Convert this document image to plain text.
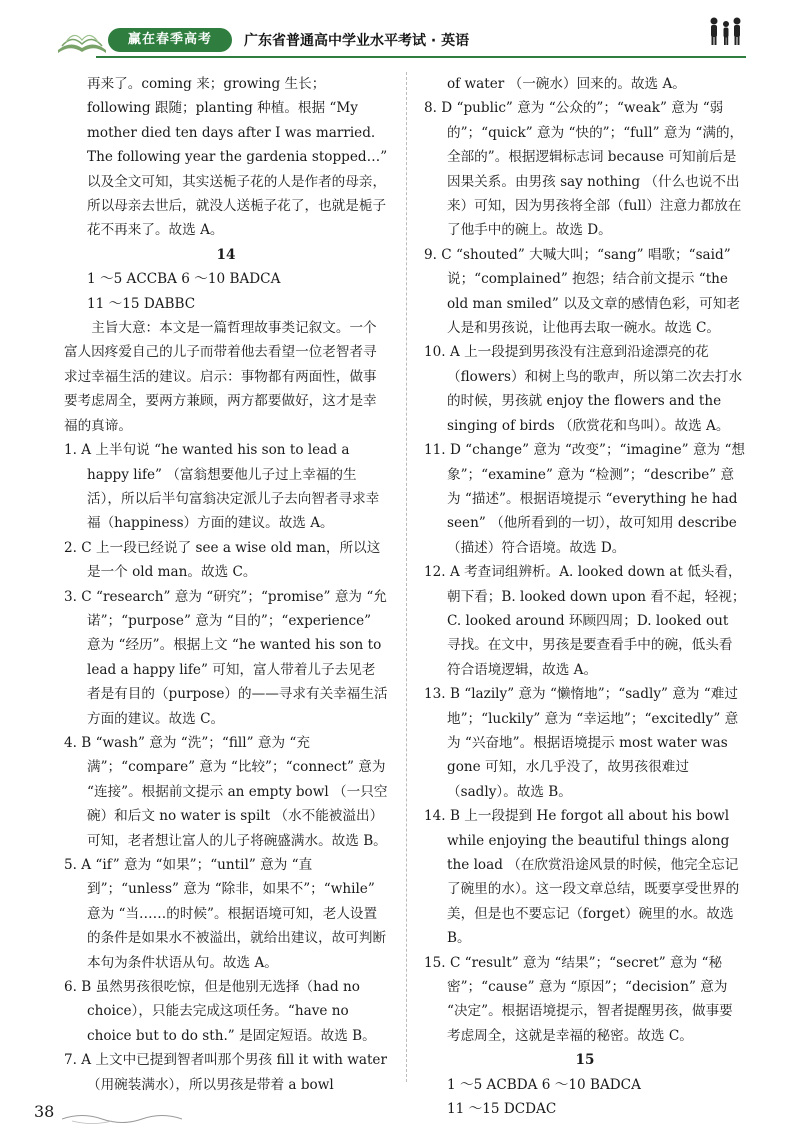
赢在春季高考	广东省普通高中学业水平考试 · 英语

再来了。coming 来；growing 生长；following 跟随；planting 种植。根据 “My mother died ten days after I was married. The following year the gardenia stopped…” 以及全文可知，其实送栀子花的人是作者的母亲，所以母亲去世后，就没人送栀子花了，也就是栀子花不再来了。故选 A。

14

1 ～5 ACCBA 6 ～10 BADCA

11 ～15 DABBC

主旨大意：本文是一篇哲理故事类记叙文。一个富人因疼爱自己的儿子而带着他去看望一位老智者寻求过幸福生活的建议。启示：事物都有两面性，做事要考虑周全，要两方兼顾，两方都要做好，这才是幸福的真谛。

1. A 上半句说 “he wanted his son to lead a happy life” （富翁想要他儿子过上幸福的生活），所以后半句富翁决定派儿子去向智者寻求幸福（happiness）方面的建议。故选 A。

2. C 上一段已经说了 see a wise old man，所以这是一个 old man。故选 C。

3. C “research” 意为 “研究”；“promise” 意为 “允诺”；“purpose” 意为 “目的”；“experience” 意为 “经历”。根据上文 “he wanted his son to lead a happy life” 可知，富人带着儿子去见老者是有目的（purpose）的——寻求有关幸福生活方面的建议。故选 C。

4. B “wash” 意为 “洗”；“fill” 意为 “充满”；“compare” 意为 “比较”；“connect” 意为 “连接”。根据前文提示 an empty bowl （一只空碗）和后文 no water is spilt （水不能被溢出）可知，老者想让富人的儿子将碗盛满水。故选 B。

5. A “if” 意为 “如果”；“until” 意为 “直到”；“unless” 意为 “除非，如果不”；“while” 意为 “当……的时候”。根据语境可知，老人设置的条件是如果水不被溢出，就给出建议，故可判断本句为条件状语从句。故选 A。

6. B 虽然男孩很吃惊，但是他别无选择（had no choice），只能去完成这项任务。“have no choice but to do sth.” 是固定短语。故选 B。

7. A 上文中已提到智者叫那个男孩 fill it with water （用碗装满水），所以男孩是带着 a bowl

of water （一碗水）回来的。故选 A。

8. D “public” 意为 “公众的”；“weak” 意为 “弱的”；“quick” 意为 “快的”；“full” 意为 “满的，全部的”。根据逻辑标志词 because 可知前后是因果关系。由男孩 say nothing （什么也说不出来）可知，因为男孩将全部（full）注意力都放在了他手中的碗上。故选 D。

9. C “shouted” 大喊大叫；“sang” 唱歌；“said” 说；“complained” 抱怨；结合前文提示 “the old man smiled” 以及文章的感情色彩，可知老人是和男孩说，让他再去取一碗水。故选 C。

10. A 上一段提到男孩没有注意到沿途漂亮的花（flowers）和树上鸟的歌声，所以第二次去打水的时候，男孩就 enjoy the flowers and the singing of birds （欣赏花和鸟叫）。故选 A。

11. D “change” 意为 “改变”；“imagine” 意为 “想象”；“examine” 意为 “检测”；“describe” 意为 “描述”。根据语境提示 “everything he had seen” （他所看到的一切），故可知用 describe （描述）符合语境。故选 D。

12. A 考查词组辨析。A. looked down at 低头看，朝下看；B. looked down upon 看不起，轻视；C. looked around 环顾四周；D. looked out 寻找。在文中，男孩是要查看手中的碗，低头看符合语境逻辑，故选 A。

13. B “lazily” 意为 “懒惰地”；“sadly” 意为 “难过地”；“luckily” 意为 “幸运地”；“excitedly” 意为 “兴奋地”。根据语境提示 most water was gone 可知，水几乎没了，故男孩很难过（sadly）。故选 B。

14. B 上一段提到 He forgot all about his bowl while enjoying the beautiful things along the load （在欣赏沿途风景的时候，他完全忘记了碗里的水）。这一段文章总结，既要享受世界的美，但是也不要忘记（forget）碗里的水。故选 B。

15. C “result” 意为 “结果”；“secret” 意为 “秘密”；“cause” 意为 “原因”；“decision” 意为 “决定”。根据语境提示，智者提醒男孩，做事要考虑周全，这就是幸福的秘密。故选 C。

15

1 ～5 ACBDA 6 ～10 BADCA

11 ～15 DCDAC

38
